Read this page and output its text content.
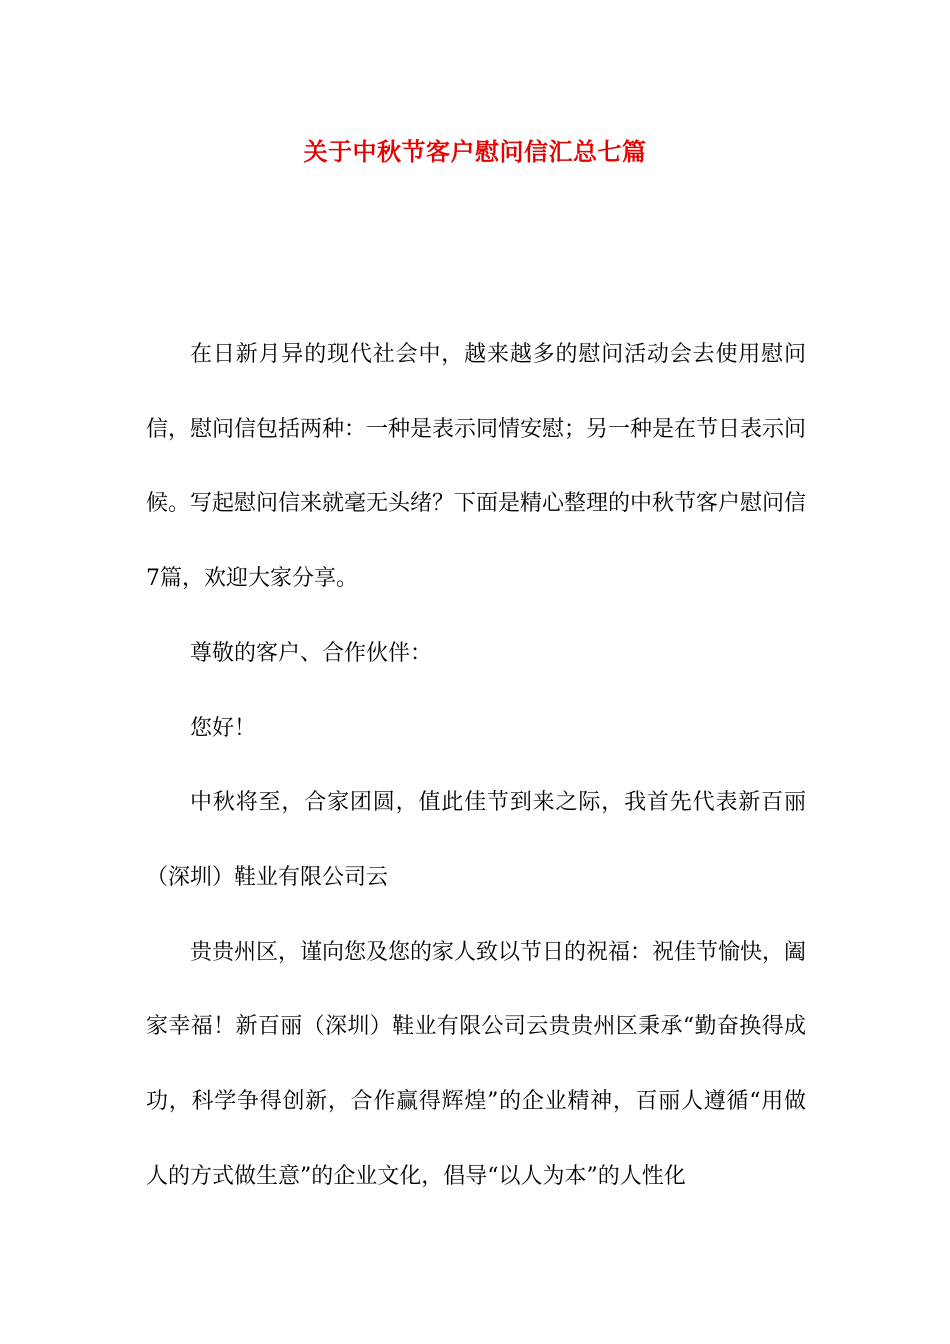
关于中秋节客户慰问信汇总七篇

在日新月异的现代社会中，越来越多的慰问活动会去使用慰问信，慰问信包括两种：一种是表示同情安慰；另一种是在节日表示问候。写起慰问信来就毫无头绪？下面是精心整理的中秋节客户慰问信7篇，欢迎大家分享。

尊敬的客户、合作伙伴：

您好！

中秋将至，合家团圆，值此佳节到来之际，我首先代表新百丽（深圳）鞋业有限公司云

贵贵州区，谨向您及您的家人致以节日的祝福：祝佳节愉快，阖家幸福！新百丽（深圳）鞋业有限公司云贵贵州区秉承“勤奋换得成功，科学争得创新，合作赢得辉煌”的企业精神，百丽人遵循“用做人的方式做生意”的企业文化，倡导“以人为本”的人性化
